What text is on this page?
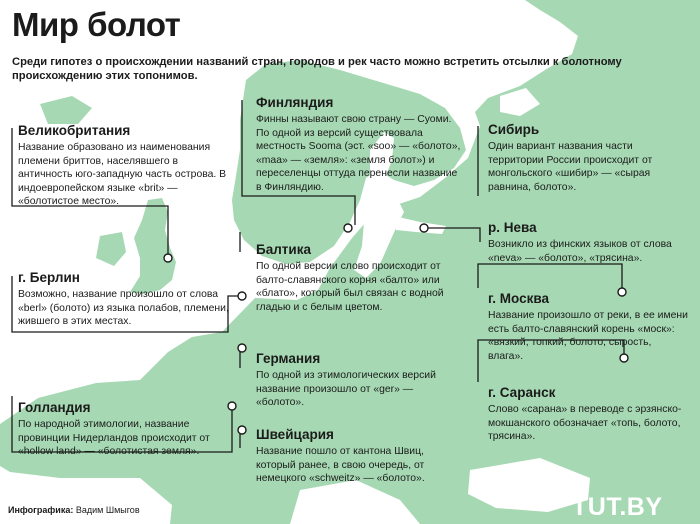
Мир болот

Среди гипотез о происхождении названий стран, городов и рек часто можно встретить отсылки к болотному происхождению этих топонимов.

Великобритания

Название образовано из наименования племени бриттов, населявшего в античность юго-западную часть острова. В индоевропейском языке «brit» — «болотистое место».

Финляндия

Финны называют свою страну — Суоми. По одной из версий существовала местность Sooma (эст. «soo» — «болото», «maa» — «земля»: «земля болот») и переселенцы оттуда перенесли название в Финляндию.

Сибирь

Один вариант названия части территории России происходит от монгольского «шибир» — «сырая равнина, болото».

Балтика

По одной версии слово происходит от балто-славянского корня «балто» или «блато», который был связан с водной гладью и с белым цветом.

р. Нева

Возникло из финских языков от слова «neva» — «болото», «трясина».

г. Берлин

Возможно, название произошло от слова «berl» (болото) из языка полабов, племени, жившего в этих местах.

г. Москва

Название произошло от реки, в ее имени есть балто-славянский корень «моск»: «вязкий, топкий, болото, сырость, влага».

Германия

По одной из этимологических версий название произошло от «ger» — «болото».

Голландия

По народной этимологии, название провинции Нидерландов происходит от «hollow land» — «болотистая земля».

г. Саранск

Слово «сарана» в переводе с эрзянско-мокшанского обозначает «топь, болото, трясина».

Швейцария

Название пошло от кантона Швиц, который ранее, в свою очередь, от немецкого «schweitz» — «болото».

Инфографика: Вадим Шмыгов	TUT.BY
